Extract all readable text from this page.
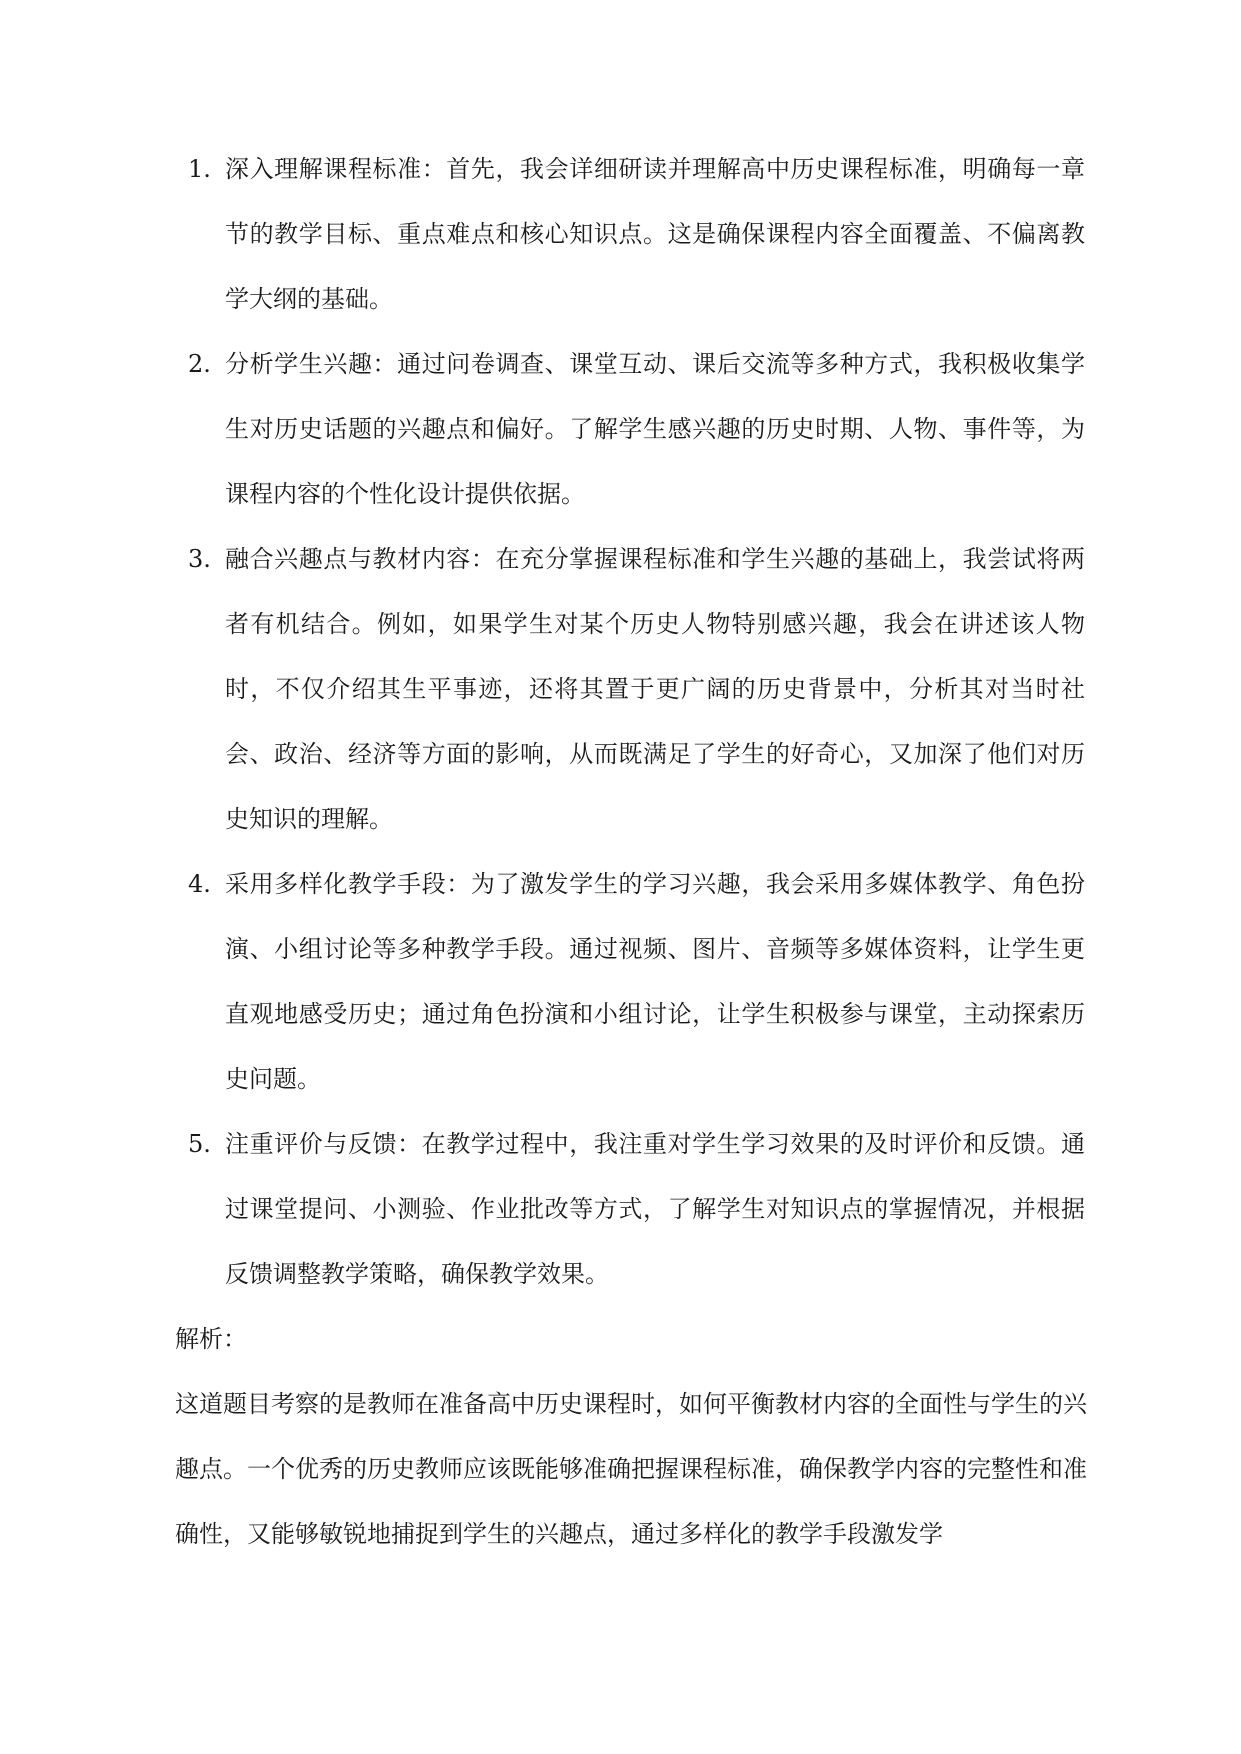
1. 深入理解课程标准：首先，我会详细研读并理解高中历史课程标准，明确每一章节的教学目标、重点难点和核心知识点。这是确保课程内容全面覆盖、不偏离教学大纲的基础。
2. 分析学生兴趣：通过问卷调查、课堂互动、课后交流等多种方式，我积极收集学生对历史话题的兴趣点和偏好。了解学生感兴趣的历史时期、人物、事件等，为课程内容的个性化设计提供依据。
3. 融合兴趣点与教材内容：在充分掌握课程标准和学生兴趣的基础上，我尝试将两者有机结合。例如，如果学生对某个历史人物特别感兴趣，我会在讲述该人物时，不仅介绍其生平事迹，还将其置于更广阔的历史背景中，分析其对当时社会、政治、经济等方面的影响，从而既满足了学生的好奇心，又加深了他们对历史知识的理解。
4. 采用多样化教学手段：为了激发学生的学习兴趣，我会采用多媒体教学、角色扮演、小组讨论等多种教学手段。通过视频、图片、音频等多媒体资料，让学生更直观地感受历史；通过角色扮演和小组讨论，让学生积极参与课堂，主动探索历史问题。
5. 注重评价与反馈：在教学过程中，我注重对学生学习效果的及时评价和反馈。通过课堂提问、小测验、作业批改等方式，了解学生对知识点的掌握情况，并根据反馈调整教学策略，确保教学效果。

解析：

这道题目考察的是教师在准备高中历史课程时，如何平衡教材内容的全面性与学生的兴趣点。一个优秀的历史教师应该既能够准确把握课程标准，确保教学内容的完整性和准确性，又能够敏锐地捕捉到学生的兴趣点，通过多样化的教学手段激发学
